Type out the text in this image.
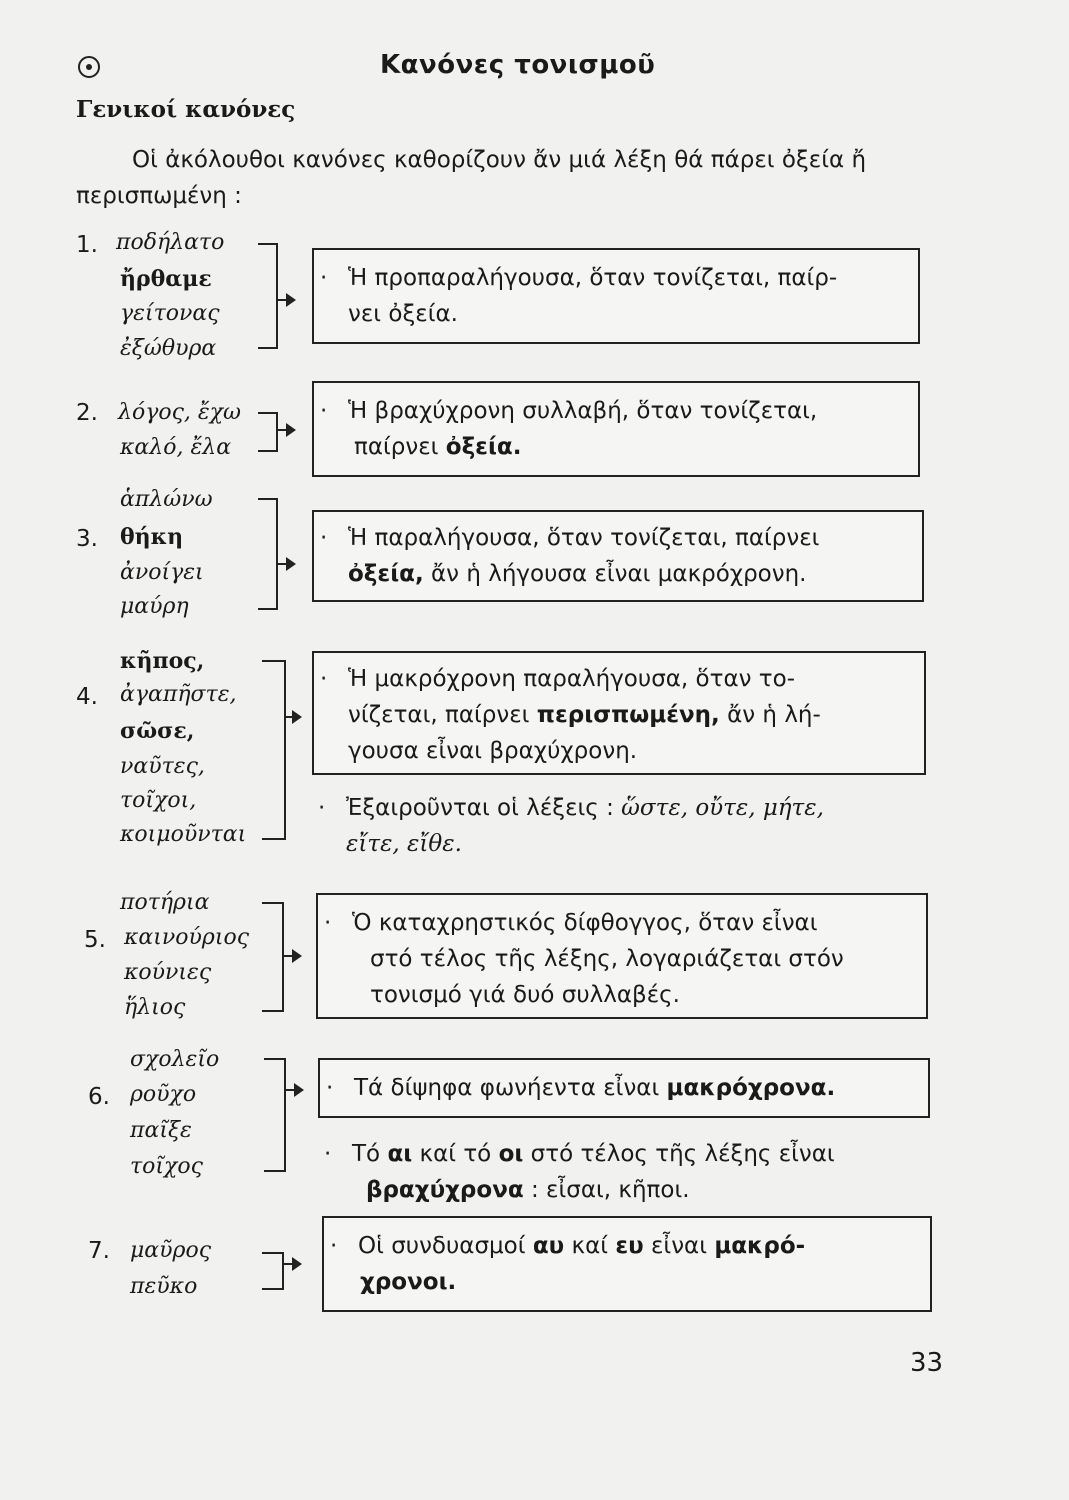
Κανόνες τονισμοῦ
Γενικοί κανόνες
Οἱ ἀκόλουθοι κανόνες καθορίζουν ἄν μιά λέξη θά πάρει ὀξεία ἤ
περισπωμένη :
1. ποδήλατο
ἤρθαμε
γείτονας
ἐξώθυρα
· Ἡ προπαραλήγουσα, ὅταν τονίζεται, παίρ-
νει ὀξεία.
2. λόγος, ἔχω
καλό, ἔλα
· Ἡ βραχύχρονη συλλαβή, ὅταν τονίζεται,
παίρνει ὀξεία.
ἁπλώνω
3. θήκη
ἀνοίγει
μαύρη
· Ἡ παραλήγουσα, ὅταν τονίζεται, παίρνει
ὀξεία, ἄν ἡ λήγουσα εἶναι μακρόχρονη.
κῆπος,
4. ἀγαπῆστε,
σῶσε,
ναῦτες,
τοῖχοι,
κοιμοῦνται
· Ἡ μακρόχρονη παραλήγουσα, ὅταν το-
νίζεται, παίρνει περισπωμένη, ἄν ἡ λή-
γουσα εἶναι βραχύχρονη.
· Ἐξαιροῦνται οἱ λέξεις : ὥστε, οὔτε, μήτε,
εἴτε, εἴθε.
ποτήρια
5. καινούριος
κούνιες
ἥλιος
· Ὁ καταχρηστικός δίφθογγος, ὅταν εἶναι
στό τέλος τῆς λέξης, λογαριάζεται στόν
τονισμό γιά δυό συλλαβές.
σχολεῖο
6. ροῦχο
παῖξε
τοῖχος
· Τά δίψηφα φωνήεντα εἶναι μακρόχρονα.
· Τό αι καί τό οι στό τέλος τῆς λέξης εἶναι
βραχύχρονα : εἶσαι, κῆποι.
7. μαῦρος
πεῦκο
· Οἱ συνδυασμοί αυ καί ευ εἶναι μακρό-
χρονοι.
33
